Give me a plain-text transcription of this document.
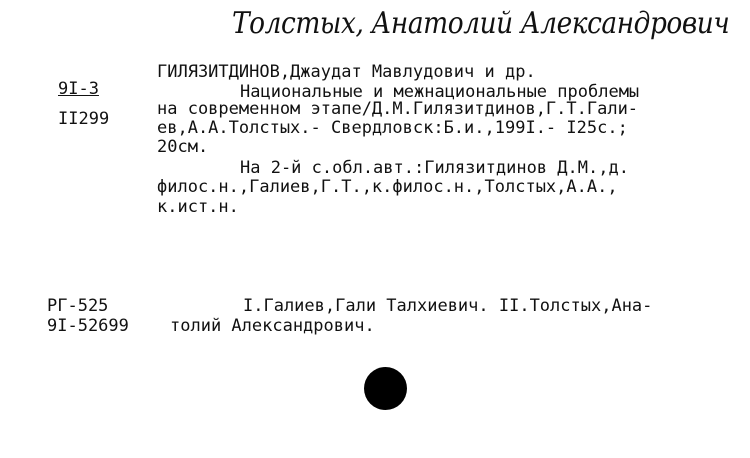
Толстых, Анатолий Александрович
9I-3
II299
ГИЛЯЗИТДИНОВ,Джаудат Мавлудович и др.
Национальные и межнациональные проблемы
на современном этапе/Д.М.Гилязитдинов,Г.Т.Гали-
ев,А.А.Толстых.- Свердловск:Б.и.,199I.- I25с.;
20см.
На 2-й с.обл.авт.:Гилязитдинов Д.М.,д.
филос.н.,Галиев,Г.Т.,к.филос.н.,Толстых,А.А.,
к.ист.н.
РГ-525
9I-52699
I.Галиев,Гали Талхиевич. II.Толстых,Ана-
толий Александрович.
